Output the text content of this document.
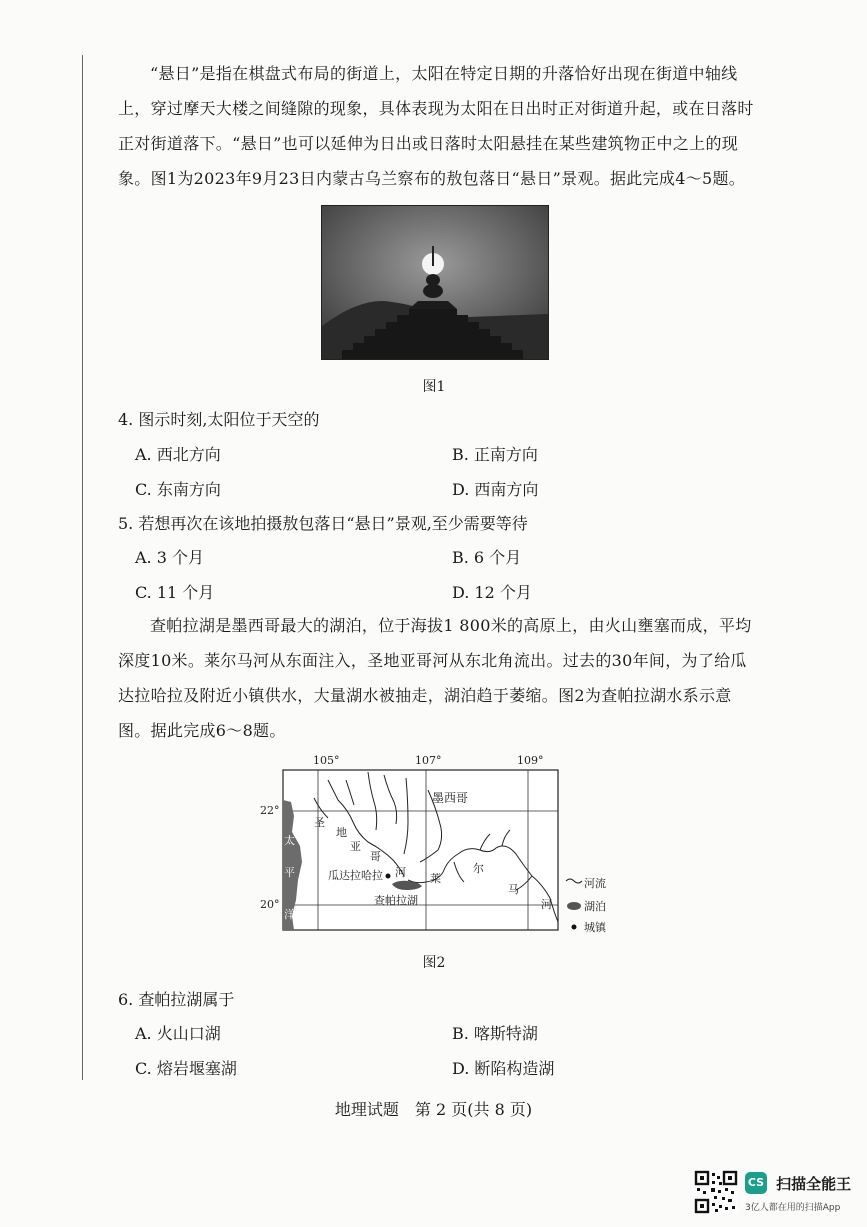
“悬日”是指在棋盘式布局的街道上，太阳在特定日期的升落恰好出现在街道中轴线上，穿过摩天大楼之间缝隙的现象，具体表现为太阳在日出时正对街道升起，或在日落时正对街道落下。“悬日”也可以延伸为日出或日落时太阳悬挂在某些建筑物正中之上的现象。图1为2023年9月23日内蒙古乌兰察布的敖包落日“悬日”景观。据此完成4～5题。

图1
4. 图示时刻,太阳位于天空的
A. 西北方向	B. 正南方向
C. 东南方向	D. 西南方向
5. 若想再次在该地拍摄敖包落日“悬日”景观,至少需要等待
A. 3 个月	B. 6 个月
C. 11 个月	D. 12 个月

查帕拉湖是墨西哥最大的湖泊，位于海拔1 800米的高原上，由火山壅塞而成，平均深度10米。莱尔马河从东面注入，圣地亚哥河从东北角流出。过去的30年间，为了给瓜达拉哈拉及附近小镇供水，大量湖水被抽走，湖泊趋于萎缩。图2为查帕拉湖水系示意图。据此完成6～8题。

105°	107°	109°
22°
20°
墨西哥
太
平
洋
圣
地
亚
哥
河 莱
尔
马
河
瓜达拉哈拉
查帕拉湖
河流
湖泊
城镇
图2
6. 查帕拉湖属于
A. 火山口湖	B. 喀斯特湖
C. 熔岩堰塞湖	D. 断陷构造湖
地理试题　第 2 页(共 8 页)
CS 扫描全能王
3亿人都在用的扫描App
